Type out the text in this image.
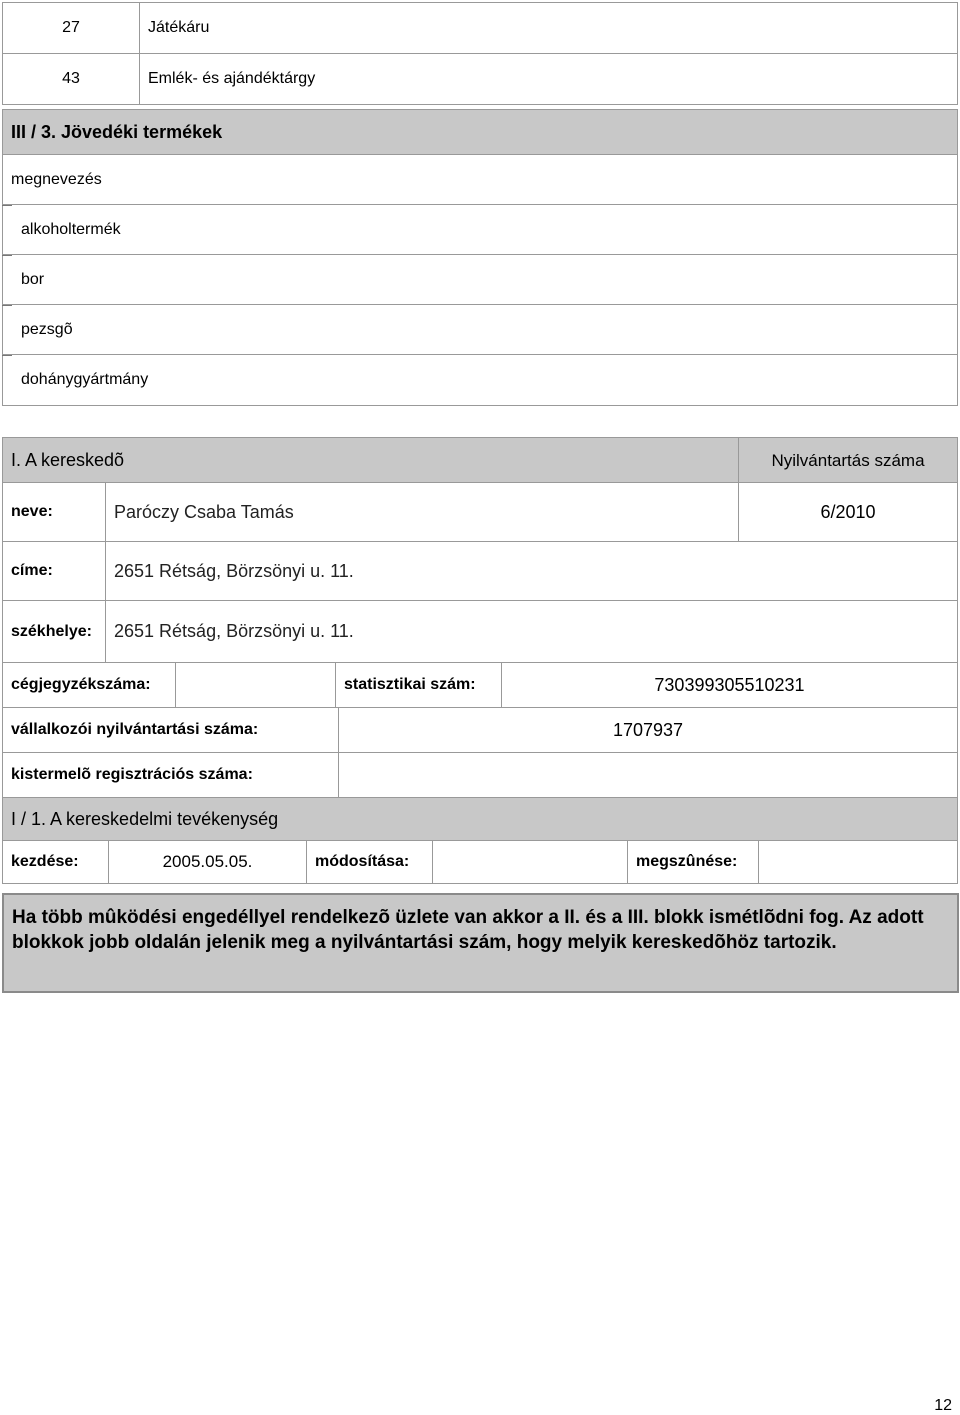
27	Játékáru
43	Emlék- és ajándéktárgy
III / 3. Jövedéki termékek
megnevezés
alkoholtermék
bor
pezsgõ
dohánygyártmány
I. A kereskedõ	Nyilvántartás száma
neve:	Paróczy Csaba Tamás	6/2010
címe:	2651 Rétság, Börzsönyi u. 11.
székhelye: 2651 Rétság, Börzsönyi u. 11.
cégjegyzékszáma:	statisztikai szám:	730399305510231
vállalkozói nyilvántartási száma:	1707937
kistermelõ regisztrációs száma:
I / 1. A kereskedelmi tevékenység
kezdése:	2005.05.05.	módosítása:	megszûnése:
Ha több mûködési engedéllyel rendelkezõ üzlete van akkor a II. és a III. blokk ismétlõdni fog. Az adott blokkok jobb oldalán jelenik meg a nyilvántartási szám, hogy melyik kereskedõhöz tartozik.
12
